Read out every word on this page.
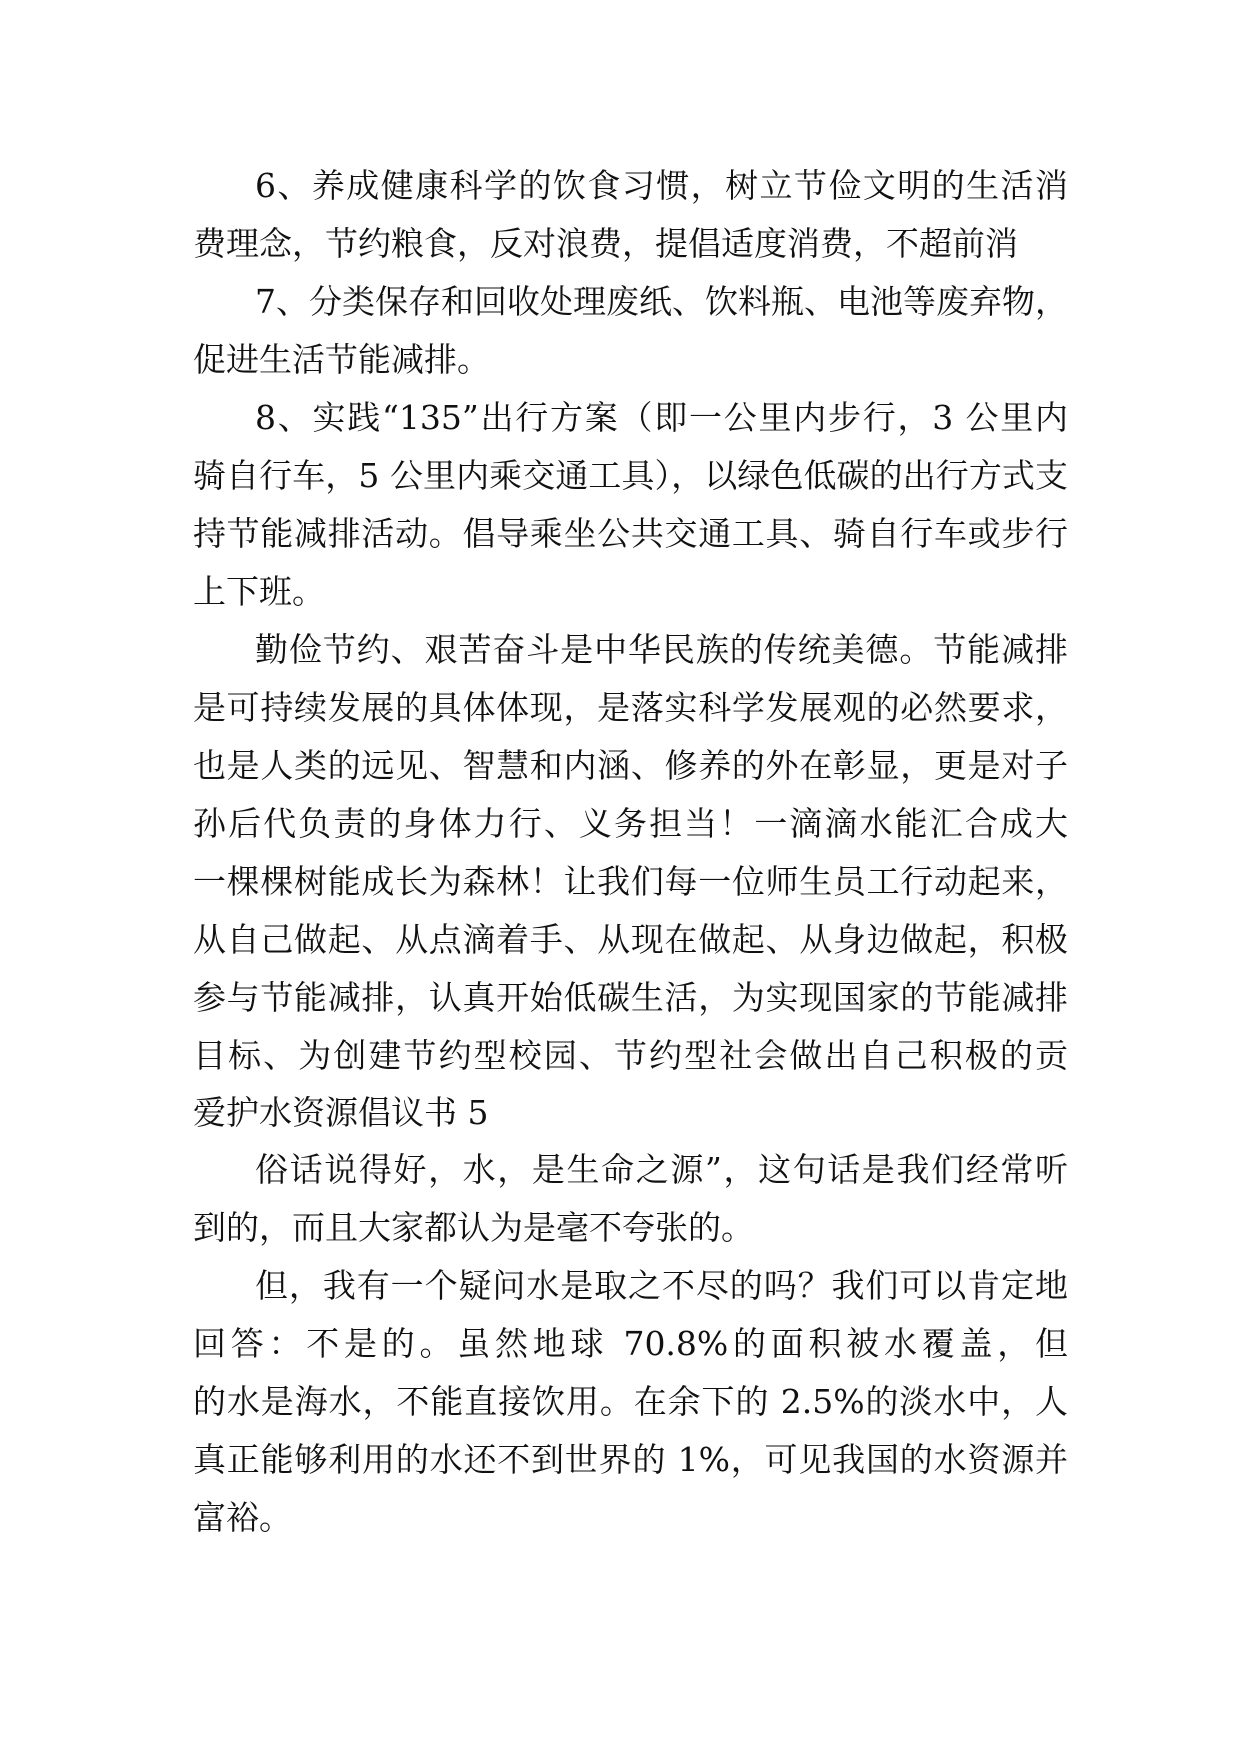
6、养成健康科学的饮食习惯，树立节俭文明的生活消
费理念，节约粮食，反对浪费，提倡适度消费，不超前消
7、分类保存和回收处理废纸、饮料瓶、电池等废弃物，
促进生活节能减排。
8、实践“135”出行方案（即一公里内步行，3 公里内
骑自行车，5 公里内乘交通工具），以绿色低碳的出行方式支
持节能减排活动。倡导乘坐公共交通工具、骑自行车或步行
上下班。
勤俭节约、艰苦奋斗是中华民族的传统美德。节能减排
是可持续发展的具体体现，是落实科学发展观的必然要求，
也是人类的远见、智慧和内涵、修养的外在彰显，更是对子
孙后代负责的身体力行、义务担当！一滴滴水能汇合成大
一棵棵树能成长为森林！让我们每一位师生员工行动起来，
从自己做起、从点滴着手、从现在做起、从身边做起，积极
参与节能减排，认真开始低碳生活，为实现国家的节能减排
目标、为创建节约型校园、节约型社会做出自己积极的贡
爱护水资源倡议书 5
俗话说得好，水，是生命之源”，这句话是我们经常听
到的，而且大家都认为是毫不夸张的。
但，我有一个疑问水是取之不尽的吗？我们可以肯定地
回答：不是的。虽然地球 70.8%的面积被水覆盖，但
的水是海水，不能直接饮用。在余下的 2.5%的淡水中，人
真正能够利用的水还不到世界的 1%，可见我国的水资源并
富裕。
